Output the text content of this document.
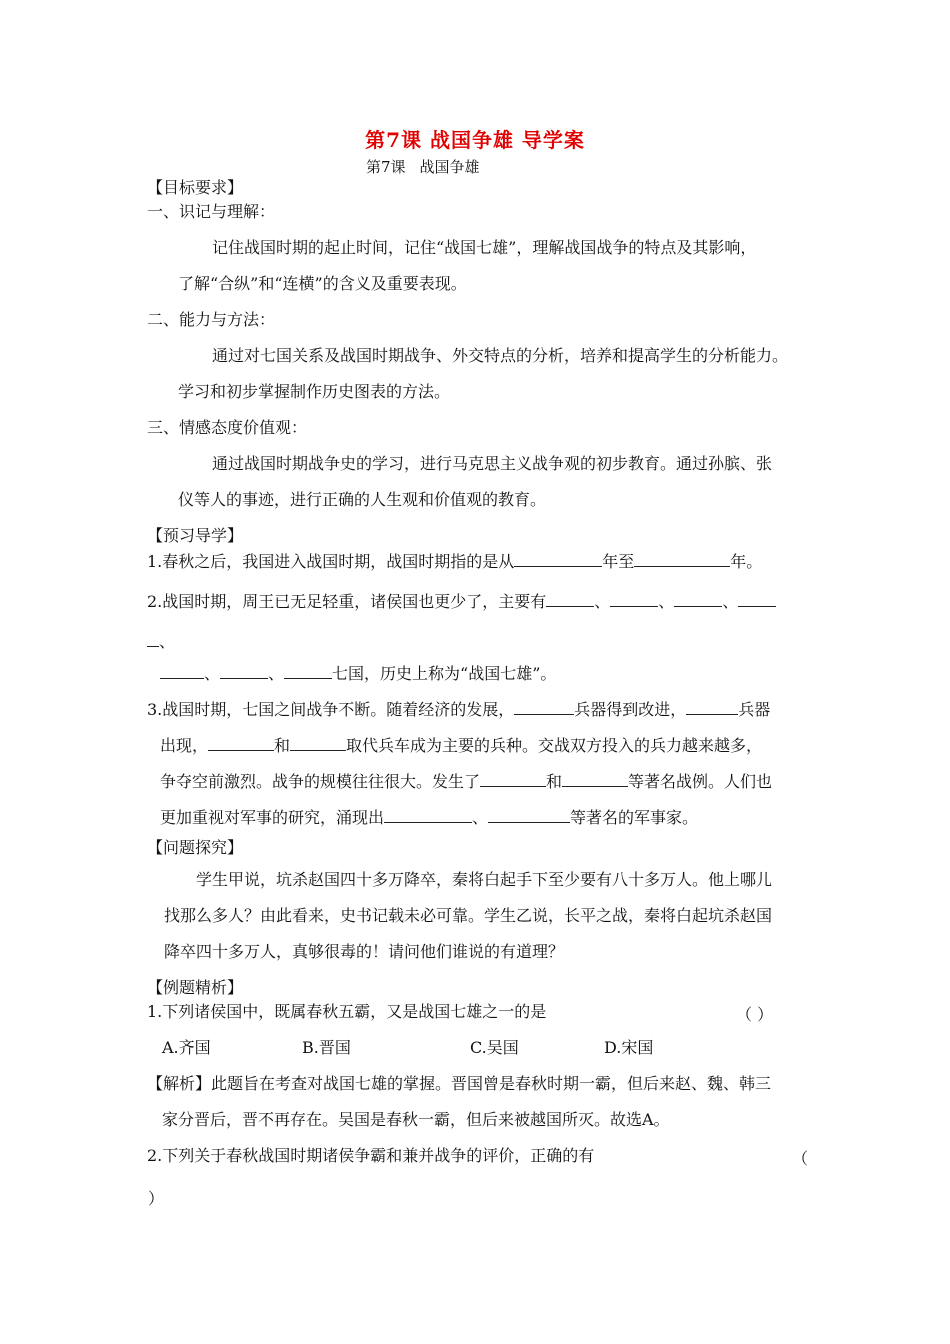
第7课 战国争雄 导学案
第7课 战国争雄
【目标要求】
一、识记与理解：
记住战国时期的起止时间，记住“战国七雄”，理解战国战争的特点及其影响，
了解“合纵”和“连横”的含义及重要表现。
二、能力与方法：
通过对七国关系及战国时期战争、外交特点的分析，培养和提高学生的分析能力。
学习和初步掌握制作历史图表的方法。
三、情感态度价值观：
通过战国时期战争史的学习，进行马克思主义战争观的初步教育。通过孙膑、张
仪等人的事迹，进行正确的人生观和价值观的教育。
【预习导学】
1.春秋之后，我国进入战国时期，战国时期指的是从	年至	年。
2.战国时期，周王已无足轻重，诸侯国也更少了，主要有	、	、	、
、
、	、	七国，历史上称为“战国七雄”。
3.战国时期，七国之间战争不断。随着经济的发展，	兵器得到改进，	兵器
出现，	和	取代兵车成为主要的兵种。交战双方投入的兵力越来越多，
争夺空前激烈。战争的规模往往很大。发生了	和	等著名战例。人们也
更加重视对军事的研究，涌现出	、	等著名的军事家。
【问题探究】
学生甲说，坑杀赵国四十多万降卒，秦将白起手下至少要有八十多万人。他上哪儿
找那么多人？由此看来，史书记载未必可靠。学生乙说，长平之战，秦将白起坑杀赵国
降卒四十多万人，真够很毒的！请问他们谁说的有道理？
【例题精析】
1.下列诸侯国中，既属春秋五霸，又是战国七雄之一的是	（ ）
A.齐国	B.晋国	C.吴国	D.宋国
【解析】此题旨在考查对战国七雄的掌握。晋国曾是春秋时期一霸，但后来赵、魏、韩三
家分晋后，晋不再存在。吴国是春秋一霸，但后来被越国所灭。故选A。
2.下列关于春秋战国时期诸侯争霸和兼并战争的评价，正确的有	（
）
